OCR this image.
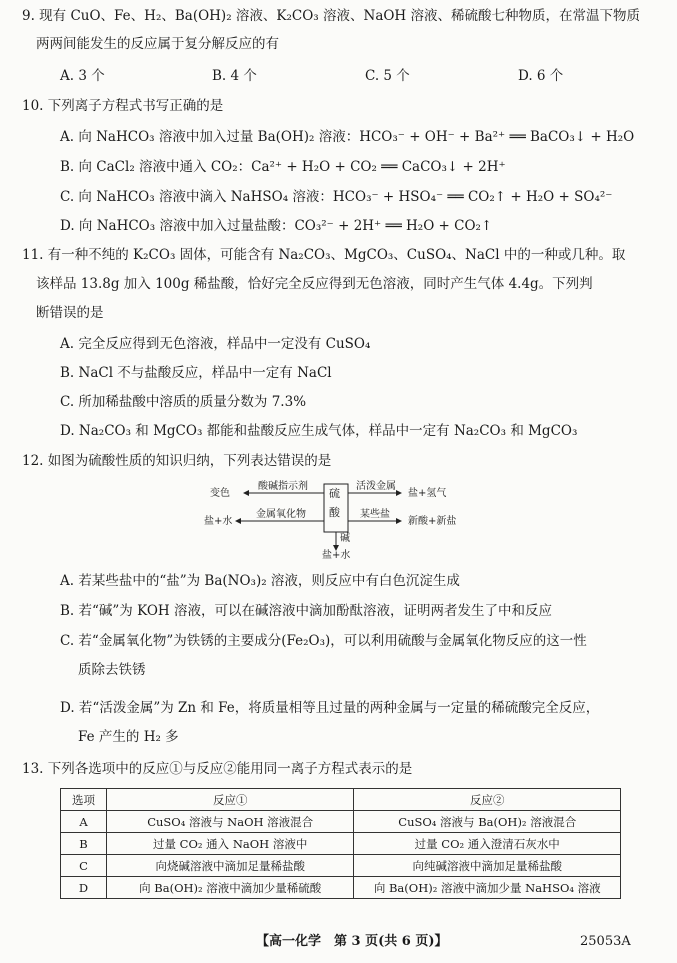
9. 现有 CuO、Fe、H₂、Ba(OH)₂ 溶液、K₂CO₃ 溶液、NaOH 溶液、稀硫酸七种物质，在常温下物质
两两间能发生的反应属于复分解反应的有
A. 3 个	B. 4 个	C. 5 个	D. 6 个
10. 下列离子方程式书写正确的是
A. 向 NaHCO₃ 溶液中加入过量 Ba(OH)₂ 溶液：HCO₃⁻ + OH⁻ + Ba²⁺ ══ BaCO₃↓ + H₂O
B. 向 CaCl₂ 溶液中通入 CO₂：Ca²⁺ + H₂O + CO₂ ══ CaCO₃↓ + 2H⁺
C. 向 NaHCO₃ 溶液中滴入 NaHSO₄ 溶液：HCO₃⁻ + HSO₄⁻ ══ CO₂↑ + H₂O + SO₄²⁻
D. 向 NaHCO₃ 溶液中加入过量盐酸：CO₃²⁻ + 2H⁺ ══ H₂O + CO₂↑
11. 有一种不纯的 K₂CO₃ 固体，可能含有 Na₂CO₃、MgCO₃、CuSO₄、NaCl 中的一种或几种。取
该样品 13.8g 加入 100g 稀盐酸，恰好完全反应得到无色溶液，同时产生气体 4.4g。下列判
断错误的是
A. 完全反应得到无色溶液，样品中一定没有 CuSO₄
B. NaCl 不与盐酸反应，样品中一定有 NaCl
C. 所加稀盐酸中溶质的质量分数为 7.3%
D. Na₂CO₃ 和 MgCO₃ 都能和盐酸反应生成气体，样品中一定有 Na₂CO₃ 和 MgCO₃
12. 如图为硫酸性质的知识归纳，下列表达错误的是
硫
酸
变色
酸碱指示剂	活泼金属
盐+氢气
盐+水
金属氧化物	某些盐
新酸+新盐
碱
盐+水
A. 若某些盐中的“盐”为 Ba(NO₃)₂ 溶液，则反应中有白色沉淀生成
B. 若“碱”为 KOH 溶液，可以在碱溶液中滴加酚酞溶液，证明两者发生了中和反应
C. 若“金属氧化物”为铁锈的主要成分(Fe₂O₃)，可以利用硫酸与金属氧化物反应的这一性
质除去铁锈
D. 若“活泼金属”为 Zn 和 Fe，将质量相等且过量的两种金属与一定量的稀硫酸完全反应，
Fe 产生的 H₂ 多
13. 下列各选项中的反应①与反应②能用同一离子方程式表示的是
选项	反应①	反应②
A	CuSO₄ 溶液与 NaOH 溶液混合	CuSO₄ 溶液与 Ba(OH)₂ 溶液混合
B	过量 CO₂ 通入 NaOH 溶液中	过量 CO₂ 通入澄清石灰水中
C	向烧碱溶液中滴加足量稀盐酸	向纯碱溶液中滴加足量稀盐酸
D	向 Ba(OH)₂ 溶液中滴加少量稀硫酸	向 Ba(OH)₂ 溶液中滴加少量 NaHSO₄ 溶液
【高一化学　第 3 页(共 6 页)】	25053A
